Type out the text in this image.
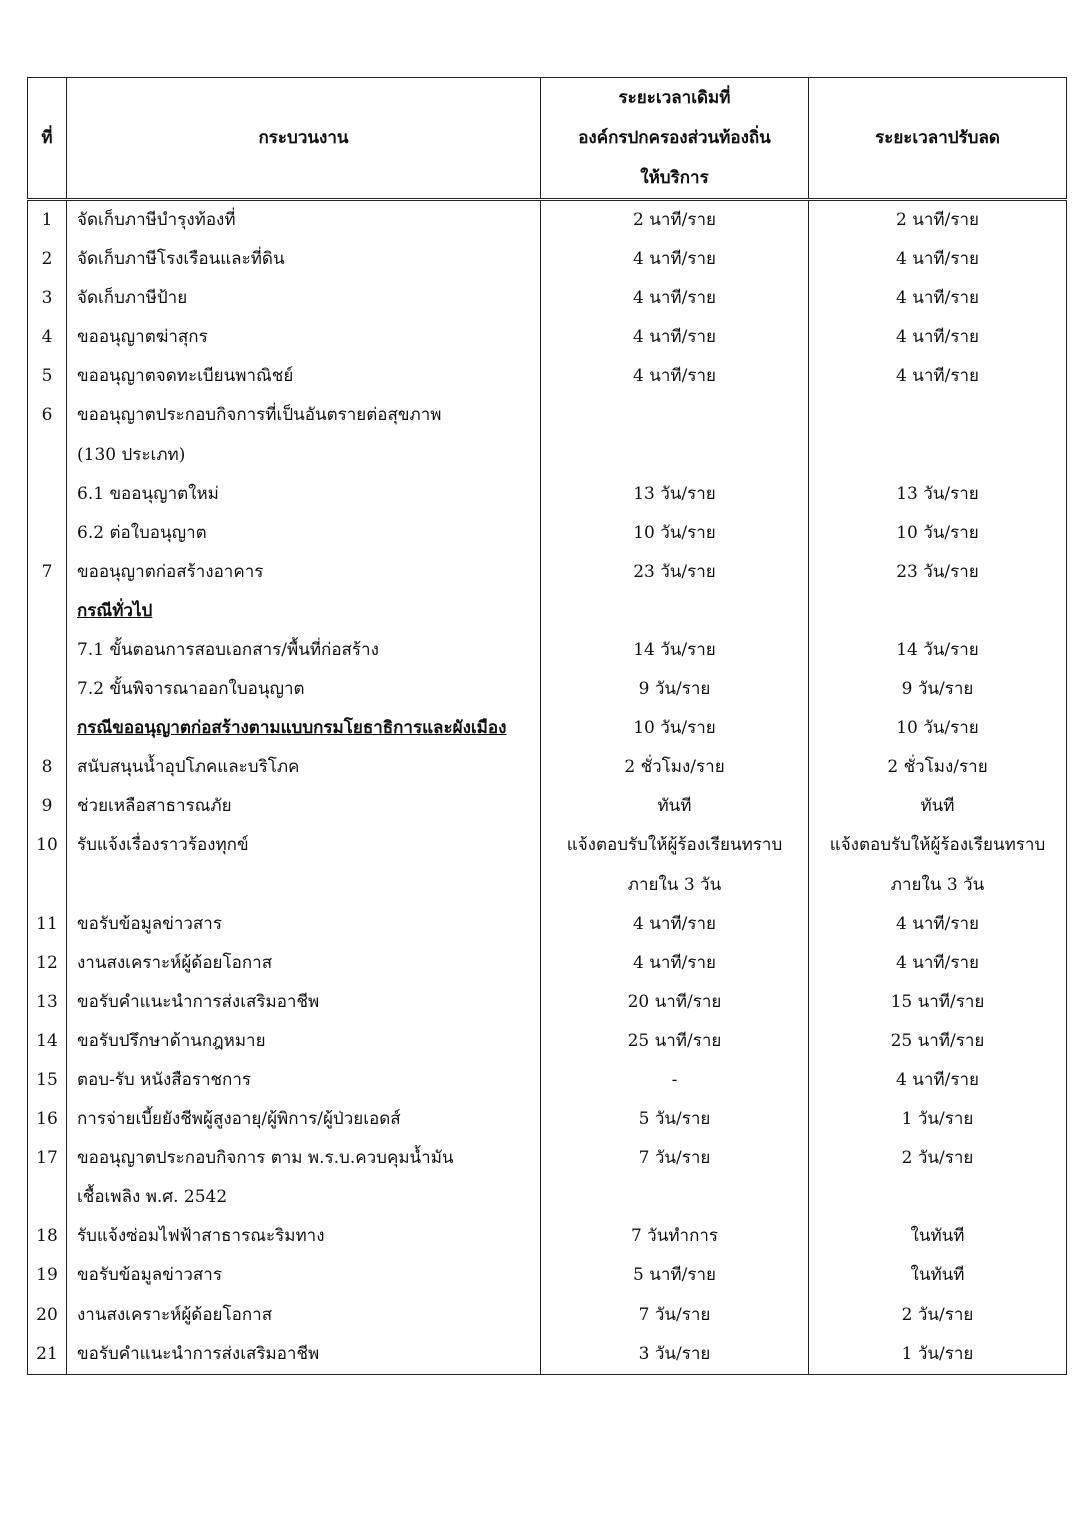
ที่	กระบวนงาน	ระยะเวลาเดิมที่
องค์กรปกครองส่วนท้องถิ่น
ให้บริการ	ระยะเวลาปรับลด
1	จัดเก็บภาษีบำรุงท้องที่	2 นาที/ราย	2 นาที/ราย
2	จัดเก็บภาษีโรงเรือนและที่ดิน	4 นาที/ราย	4 นาที/ราย
3	จัดเก็บภาษีป้าย	4 นาที/ราย	4 นาที/ราย
4	ขออนุญาตฆ่าสุกร	4 นาที/ราย	4 นาที/ราย
5	ขออนุญาตจดทะเบียนพาณิชย์	4 นาที/ราย	4 นาที/ราย
6	ขออนุญาตประกอบกิจการที่เป็นอันตรายต่อสุขภาพ		
	(130 ประเภท)		
	6.1 ขออนุญาตใหม่	13 วัน/ราย	13 วัน/ราย
	6.2 ต่อใบอนุญาต	10 วัน/ราย	10 วัน/ราย
7	ขออนุญาตก่อสร้างอาคาร	23 วัน/ราย	23 วัน/ราย
	กรณีทั่วไป		
	7.1 ขั้นตอนการสอบเอกสาร/พื้นที่ก่อสร้าง	14 วัน/ราย	14 วัน/ราย
	7.2 ขั้นพิจารณาออกใบอนุญาต	9 วัน/ราย	9 วัน/ราย
	กรณีขออนุญาตก่อสร้างตามแบบกรมโยธาธิการและผังเมือง	10 วัน/ราย	10 วัน/ราย
8	สนับสนุนน้ำอุปโภคและบริโภค	2 ชั่วโมง/ราย	2 ชั่วโมง/ราย
9	ช่วยเหลือสาธารณภัย	ทันที	ทันที
10	รับแจ้งเรื่องราวร้องทุกข์	แจ้งตอบรับให้ผู้ร้องเรียนทราบ	แจ้งตอบรับให้ผู้ร้องเรียนทราบ
		ภายใน 3 วัน	ภายใน 3 วัน
11	ขอรับข้อมูลข่าวสาร	4 นาที/ราย	4 นาที/ราย
12	งานสงเคราะห์ผู้ด้อยโอกาส	4 นาที/ราย	4 นาที/ราย
13	ขอรับคำแนะนำการส่งเสริมอาชีพ	20 นาที/ราย	15 นาที/ราย
14	ขอรับปรึกษาด้านกฎหมาย	25 นาที/ราย	25 นาที/ราย
15	ตอบ-รับ หนังสือราชการ	-	4 นาที/ราย
16	การจ่ายเบี้ยยังชีพผู้สูงอายุ/ผู้พิการ/ผู้ป่วยเอดส์	5 วัน/ราย	1 วัน/ราย
17	ขออนุญาตประกอบกิจการ ตาม พ.ร.บ.ควบคุมน้ำมัน	7 วัน/ราย	2 วัน/ราย
	เชื้อเพลิง พ.ศ. 2542		
18	รับแจ้งซ่อมไฟฟ้าสาธารณะริมทาง	7 วันทำการ	ในทันที
19	ขอรับข้อมูลข่าวสาร	5 นาที/ราย	ในทันที
20	งานสงเคราะห์ผู้ด้อยโอกาส	7 วัน/ราย	2 วัน/ราย
21	ขอรับคำแนะนำการส่งเสริมอาชีพ	3 วัน/ราย	1 วัน/ราย
